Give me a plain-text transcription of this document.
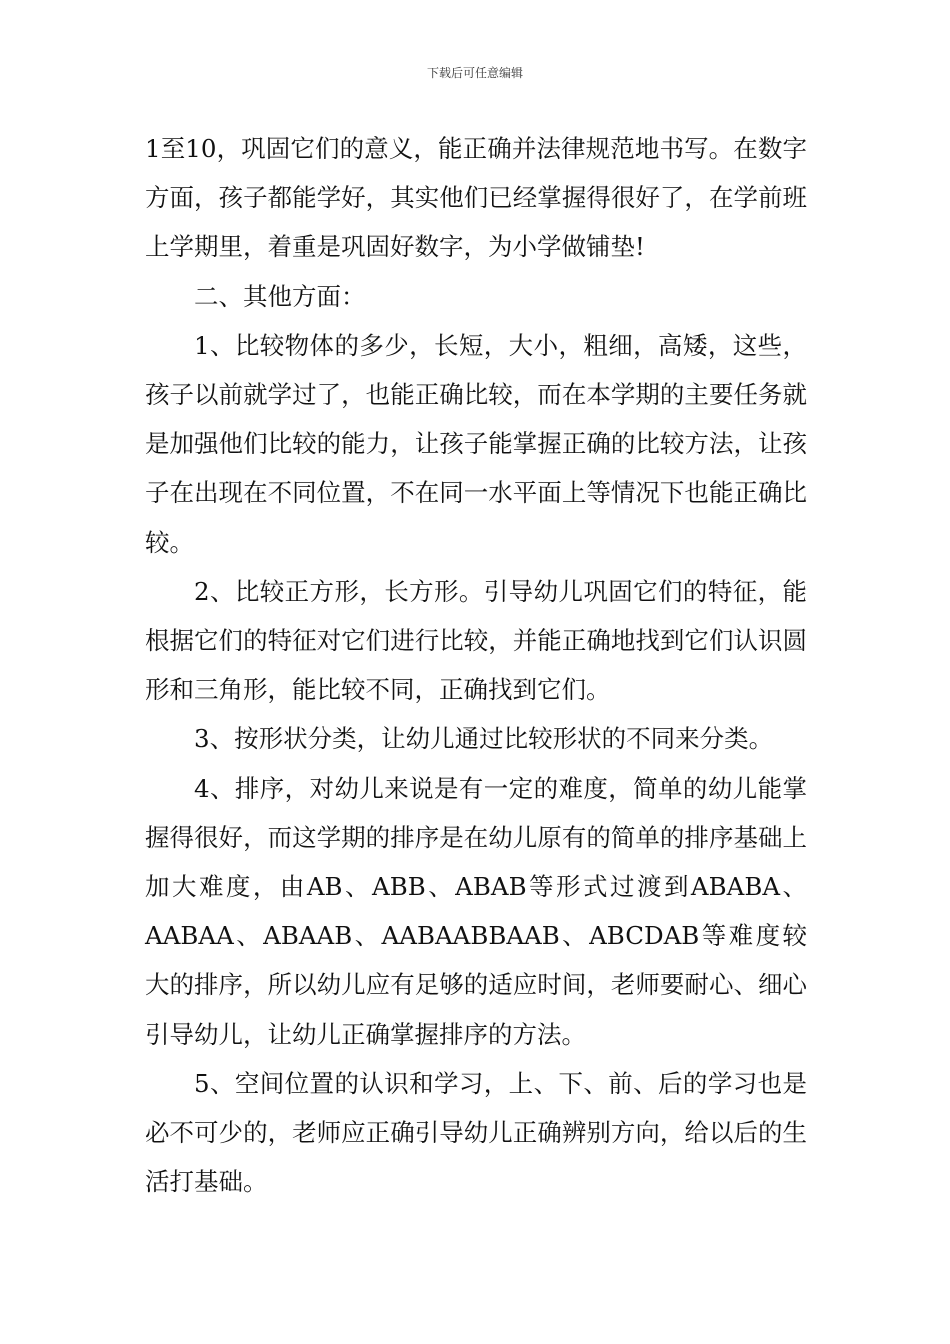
下载后可任意编辑

1至10，巩固它们的意义，能正确并法律规范地书写。在数字方面，孩子都能学好，其实他们已经掌握得很好了，在学前班上学期里，着重是巩固好数字，为小学做铺垫!

二、其他方面：

1、比较物体的多少，长短，大小，粗细，高矮，这些，孩子以前就学过了，也能正确比较，而在本学期的主要任务就是加强他们比较的能力，让孩子能掌握正确的比较方法，让孩子在出现在不同位置，不在同一水平面上等情况下也能正确比较。

2、比较正方形，长方形。引导幼儿巩固它们的特征，能根据它们的特征对它们进行比较，并能正确地找到它们认识圆形和三角形，能比较不同，正确找到它们。

3、按形状分类，让幼儿通过比较形状的不同来分类。

4、排序，对幼儿来说是有一定的难度，简单的幼儿能掌握得很好，而这学期的排序是在幼儿原有的简单的排序基础上加大难度，由AB、ABB、ABAB等形式过渡到ABABA、AABAA、ABAAB、AABAABBAAB、ABCDAB等难度较大的排序，所以幼儿应有足够的适应时间，老师要耐心、细心引导幼儿，让幼儿正确掌握排序的方法。

5、空间位置的认识和学习，上、下、前、后的学习也是必不可少的，老师应正确引导幼儿正确辨别方向，给以后的生活打基础。
